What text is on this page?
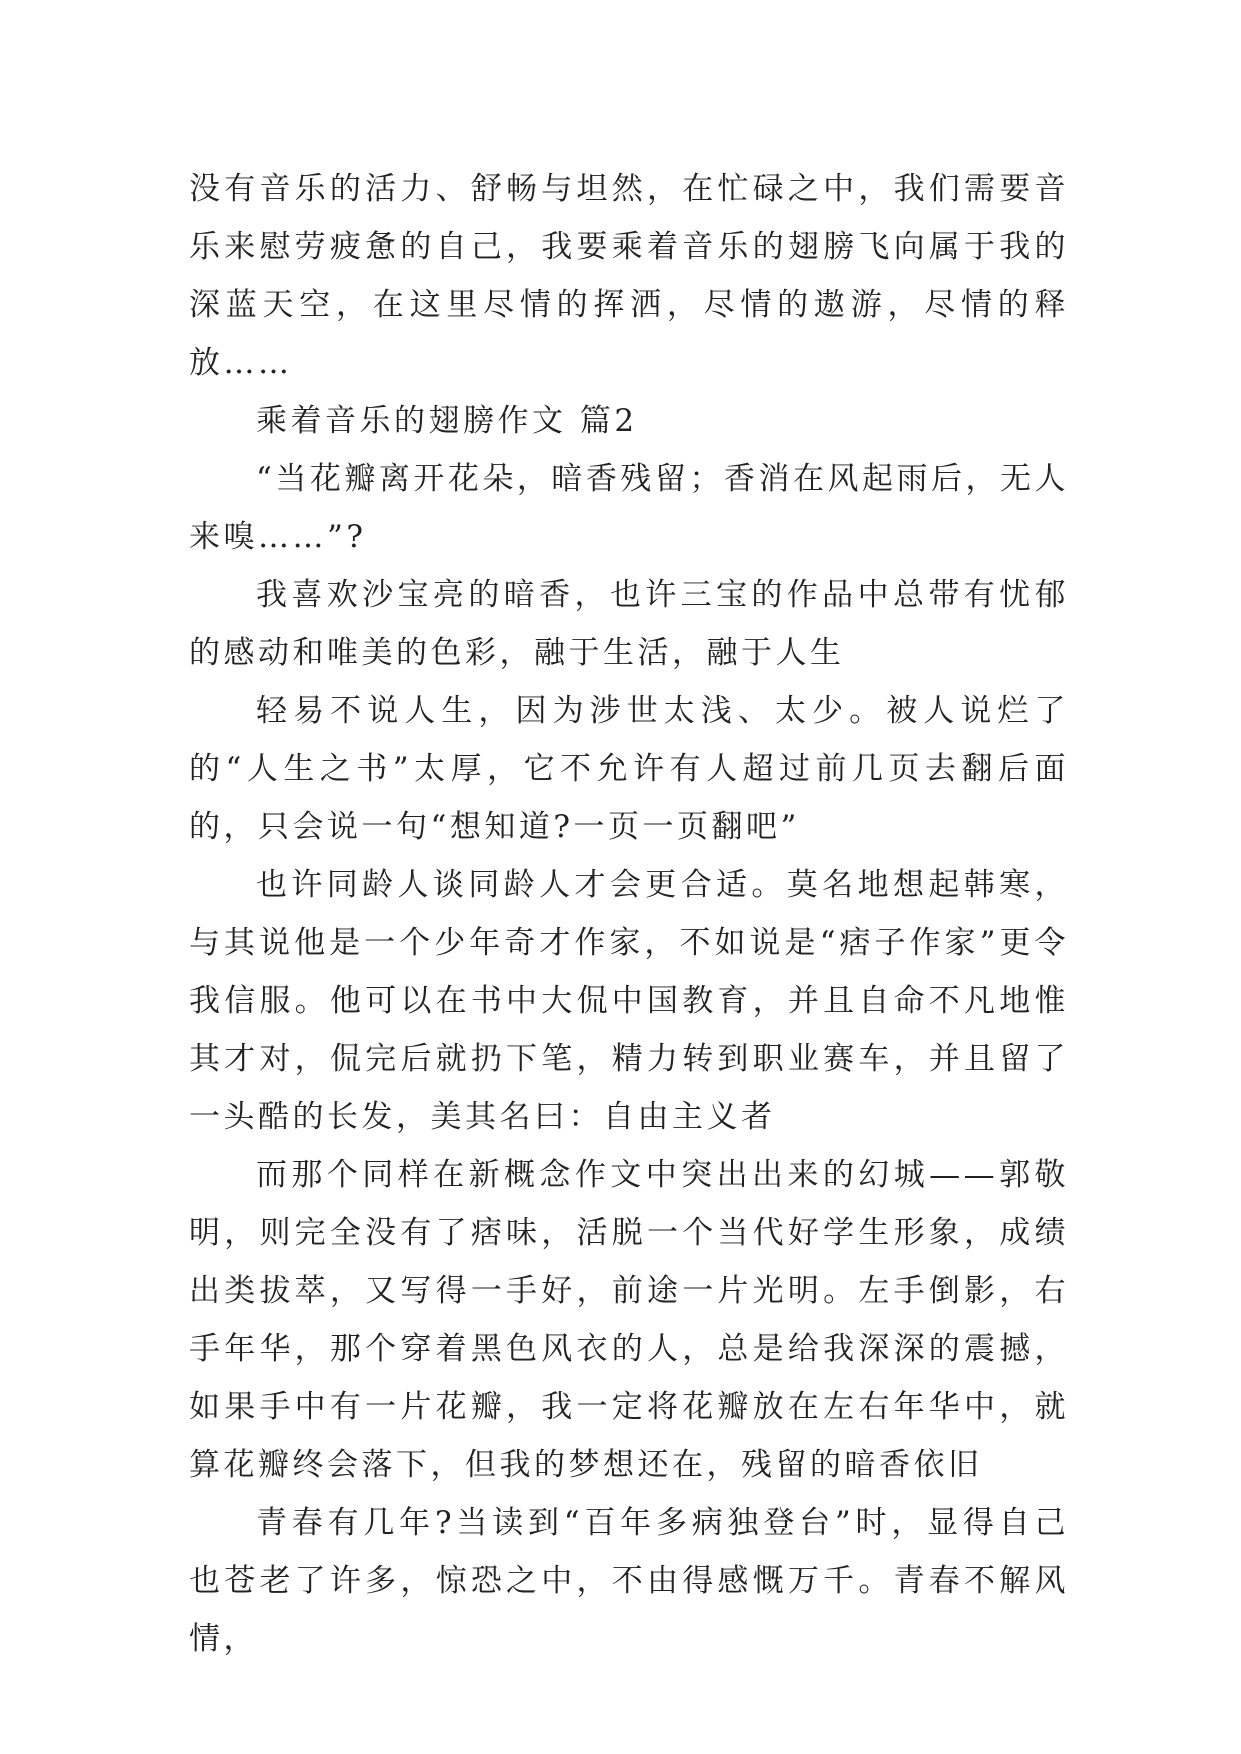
没有音乐的活力、舒畅与坦然，在忙碌之中，我们需要音乐来慰劳疲惫的自己，我要乘着音乐的翅膀飞向属于我的深蓝天空，在这里尽情的挥洒，尽情的遨游，尽情的释放……

乘着音乐的翅膀作文 篇2

“当花瓣离开花朵，暗香残留；香消在风起雨后，无人来嗅……”?

我喜欢沙宝亮的暗香，也许三宝的作品中总带有忧郁的感动和唯美的色彩，融于生活，融于人生

轻易不说人生，因为涉世太浅、太少。被人说烂了的“人生之书”太厚，它不允许有人超过前几页去翻后面的，只会说一句“想知道?一页一页翻吧”

也许同龄人谈同龄人才会更合适。莫名地想起韩寒，与其说他是一个少年奇才作家，不如说是“痞子作家”更令我信服。他可以在书中大侃中国教育，并且自命不凡地惟其才对，侃完后就扔下笔，精力转到职业赛车，并且留了一头酷的长发，美其名曰：自由主义者

而那个同样在新概念作文中突出出来的幻城——郭敬明，则完全没有了痞味，活脱一个当代好学生形象，成绩出类拔萃，又写得一手好，前途一片光明。左手倒影，右手年华，那个穿着黑色风衣的人，总是给我深深的震撼，如果手中有一片花瓣，我一定将花瓣放在左右年华中，就算花瓣终会落下，但我的梦想还在，残留的暗香依旧

青春有几年?当读到“百年多病独登台”时，显得自己也苍老了许多，惊恐之中，不由得感慨万千。青春不解风情，
